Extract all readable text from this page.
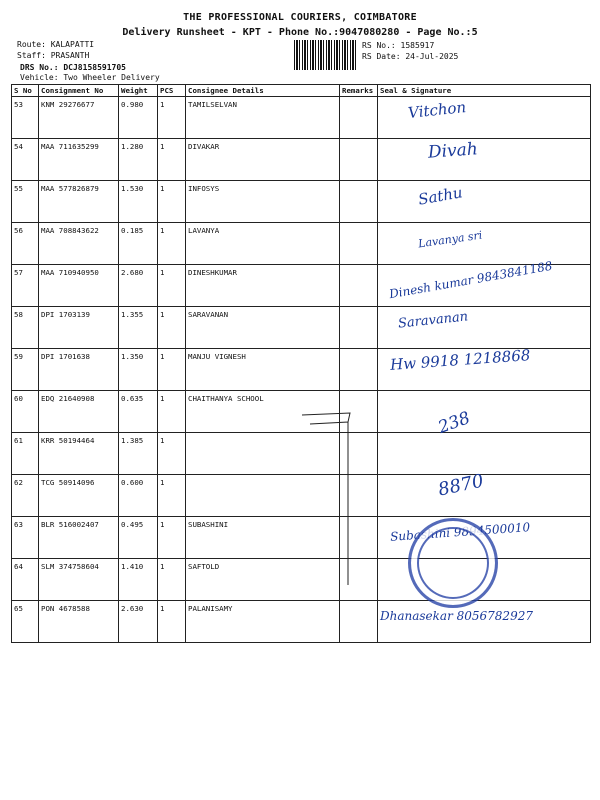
THE PROFESSIONAL COURIERS, COIMBATORE
Delivery Runsheet - KPT - Phone No.:9047080280 - Page No.:5
Route: KALAPATTI
Staff: PRASANTH
DRS No.: DCJ8158591705
Vehicle: Two Wheeler Delivery
RS No.: 1585917
RS Date: 24-Jul-2025
S No	Consignment No	Weight	PCS	Consignee Details	Remarks	Seal & Signature
53	KNM 29276677	0.980	1	TAMILSELVAN		Vitchon

54	MAA 711635299	1.280	1	DIVAKAR		Divah

55	MAA 577826879	1.530	1	INFOSYS		Sathu

56	MAA 708843622	0.185	1	LAVANYA		Lavanya sri

57	MAA 710940950	2.680	1	DINESHKUMAR		Dinesh kumar 9843841188

58	DPI 1703139	1.355	1	SARAVANAN		Saravanan

59	DPI 1701638	1.350	1	MANJU VIGNESH		Hw 9918 1218868

60	EDQ 21640908	0.635	1	CHAITHANYA SCHOOL		
61	KRR 50194464	1.385	1			238

62	TCG 50914096	0.600	1			8870

63	BLR 516002407	0.495	1	SUBASHINI		Subashini 9894500010

64	SLM 374758604	1.410	1	SAFTOLD		
65	PON 4678588	2.630	1	PALANISAMY		Dhanasekar 8056782927
